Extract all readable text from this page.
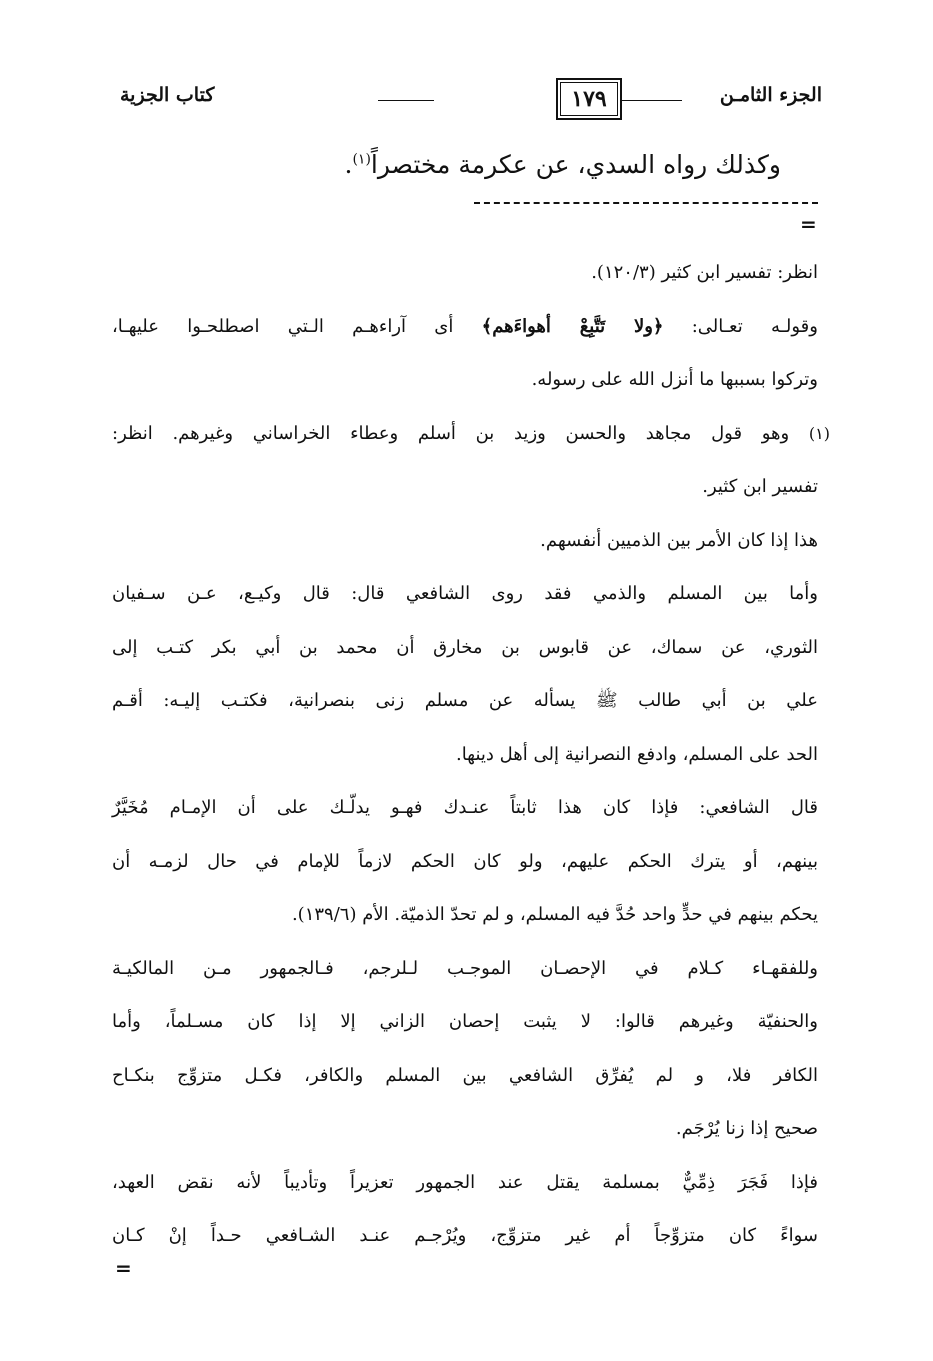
الجزء الثامـن
١٧٩
كتاب الجزية
وكذلك رواه السدي، عن عكرمة مختصراً$^{(١)}$.
=
انظر: تفسير ابن كثير (١٢٠/٣).
وقولـه تعـالى: ﴿ولا تَتَّبِعْ أهواءَهم﴾ أى آراءهـم الـتي اصطلحـوا عليهـا،
وتركوا بسببها ما أنزل الله على رسوله.
(١) وهو قول مجاهد والحسن وزيد بن أسلم وعطاء الخراساني وغيرهم. انظر:
تفسير ابن كثير.
هذا إذا كان الأمر بين الذميين أنفسهم.
وأما بين المسلم والذمي فقد روى الشافعي قال: قال وكيـع، عـن سـفيان
الثوري، عن سماك، عن قابوس بن مخارق أن محمد بن أبي بكر كتـب إلى
علي بن أبي طالب ﷺ يسأله عن مسلم زنى بنصرانية، فكتـب إليـه: أقـم
الحد على المسلم، وادفع النصرانية إلى أهل دينها.
قال الشافعي: فإذا كان هذا ثابتاً عنـدك فهـو يدلّـك على أن الإمـام مُخَيَّرٌ
بينهم، أو يترك الحكم عليهم، ولو كان الحكم لازماً للإمام في حال لزمـه أن
يحكم بينهم في حدٍّ واحد حُدَّ فيه المسلم، و لم تحدّ الذميّة. الأم (١٣٩/٦).
وللفقهـاء كـلام في الإحصـان الموجـب لـلرجم، فـالجمهور مـن المالكيـة
والحنفيّة وغيرهم قالوا: لا يثبت إحصان الزاني إلا إذا كان مسـلماً، وأما
الكافر فلا، و لم يُفرِّق الشافعي بين المسلم والكافر، فكـل متزوِّج بنكـاح
صحيح إذا زنا يُرْجَم.
فإذا فَجَرَ ذِمِّيٌّ بمسلمة يقتل عند الجمهور تعزيراً وتأديباً لأنه نقض العهد،
سواءً كان متزوِّجاً أم غير متزوِّج، ويُرْجـم عنـد الشـافعي حـداً إنْ كـان
=
